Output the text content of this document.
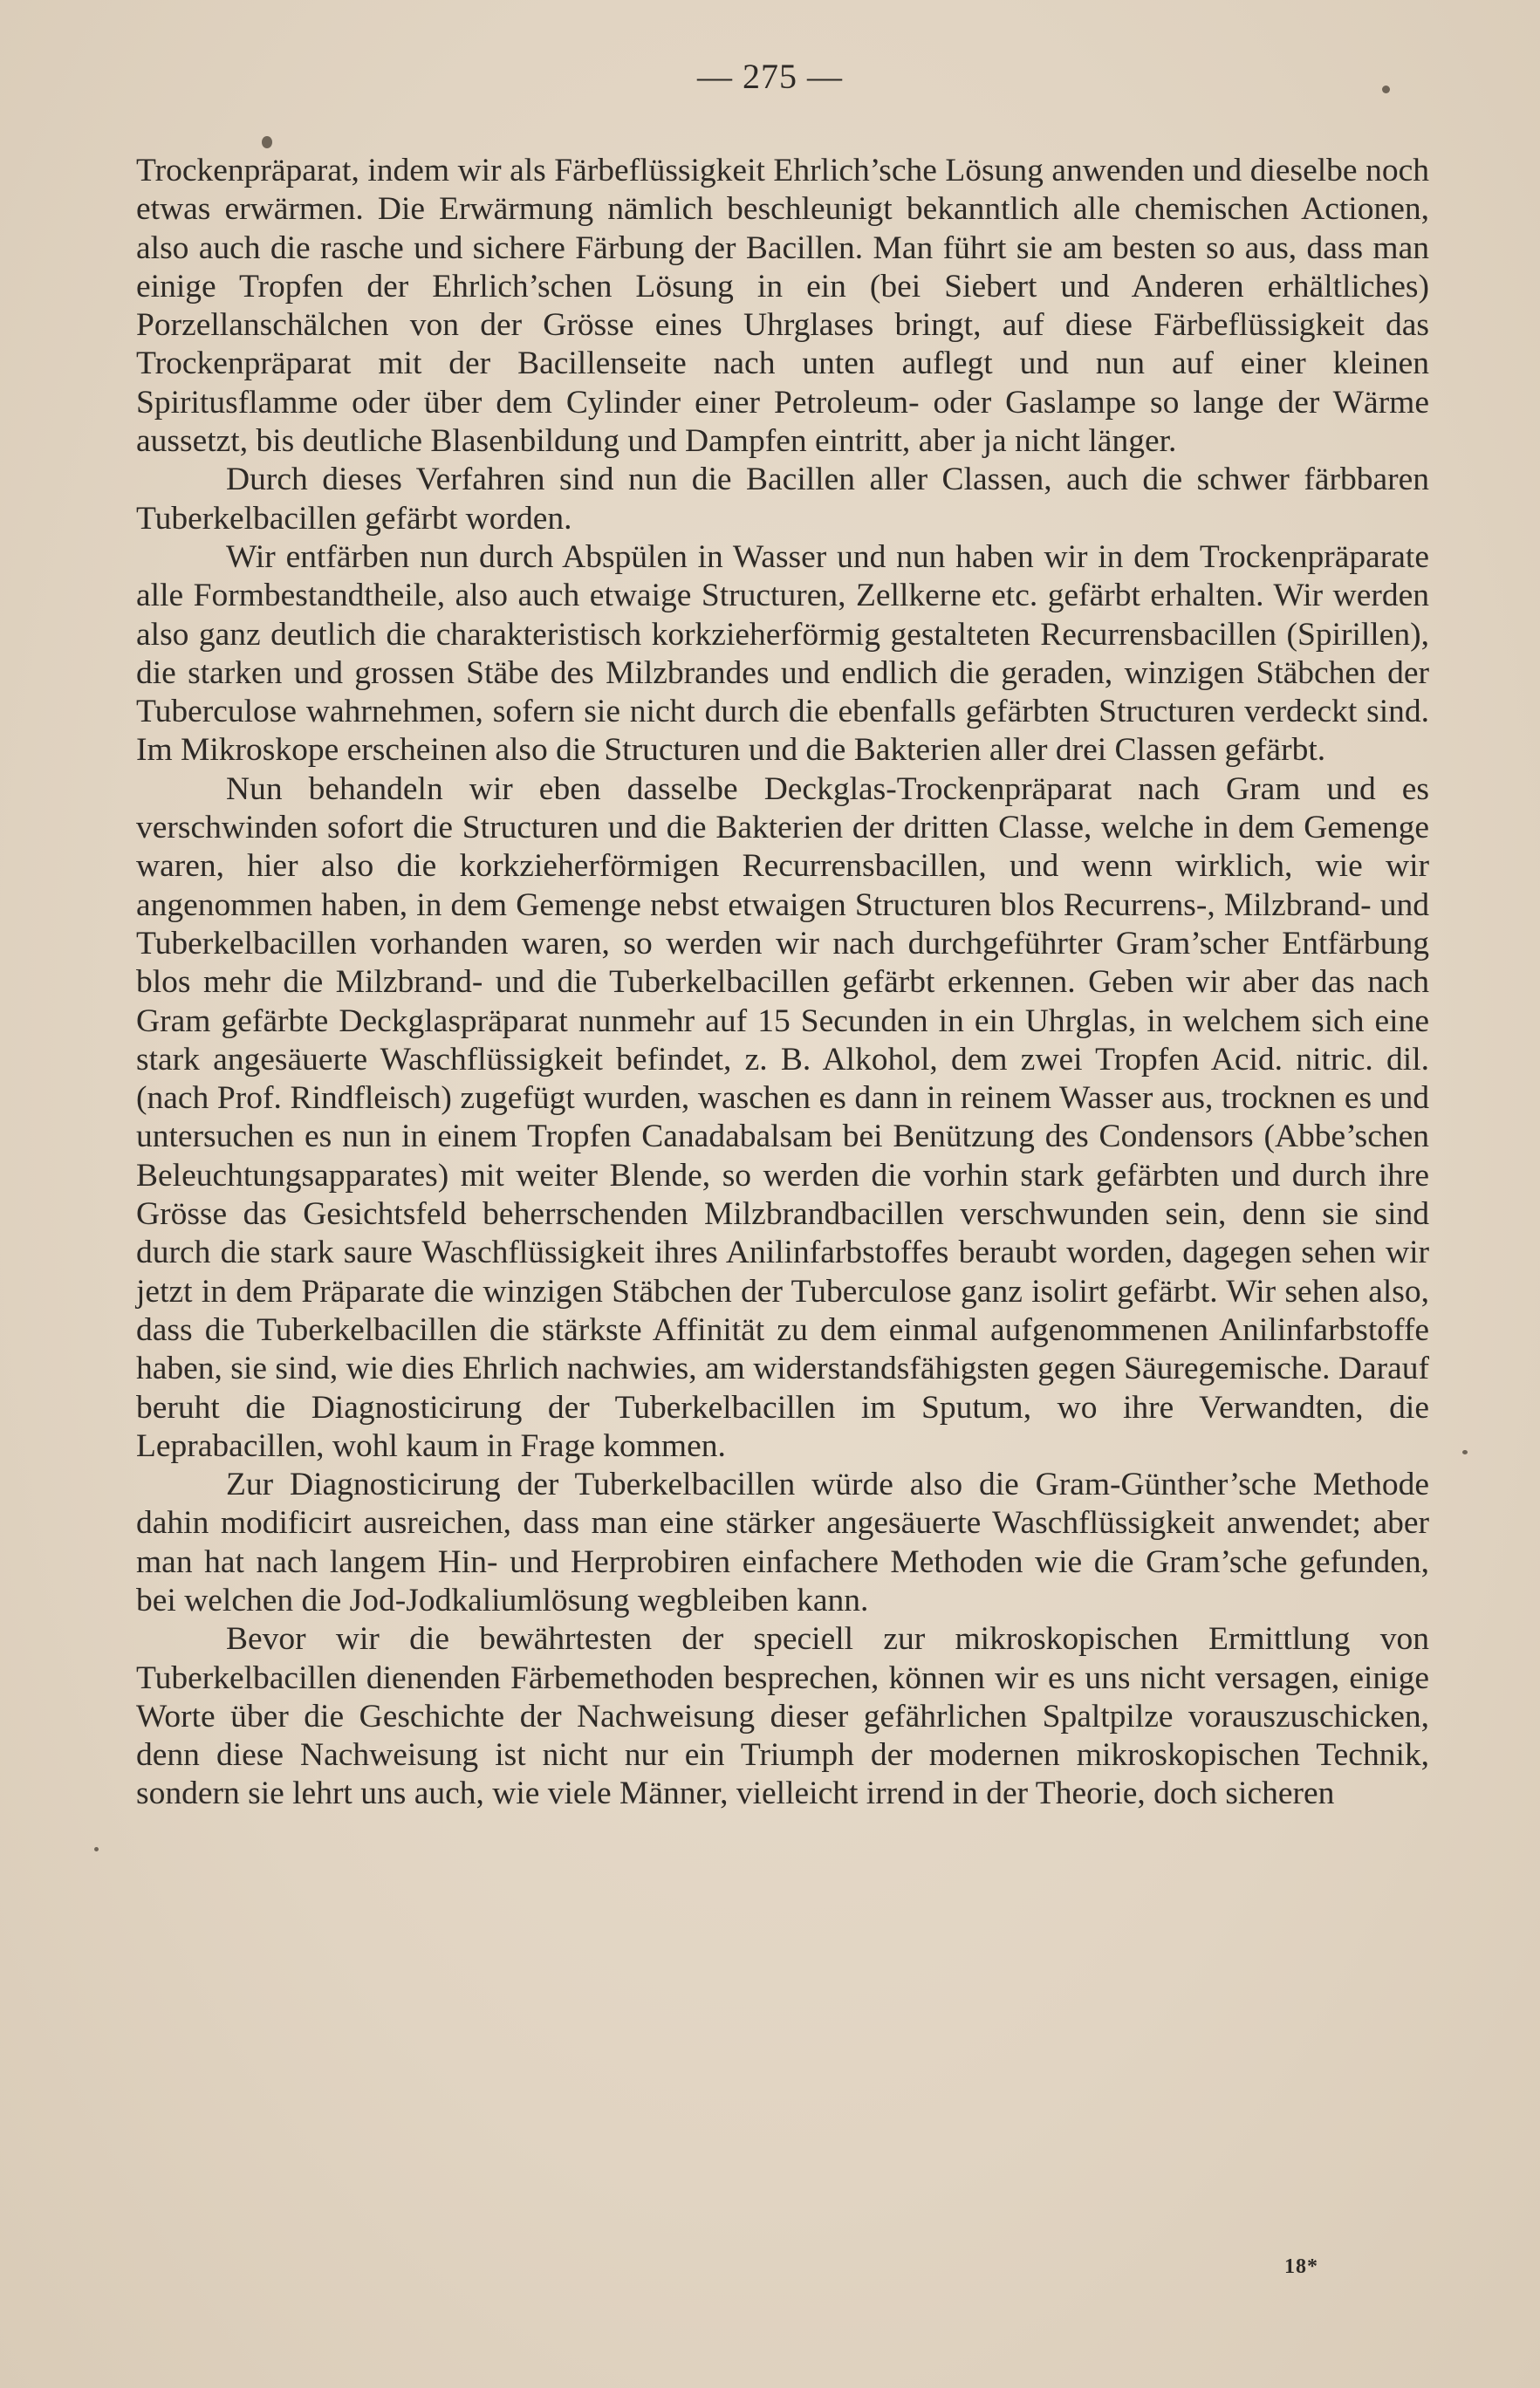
— 275 —

Trockenpräparat, indem wir als Färbeflüssigkeit Ehrlich’sche Lösung anwenden und dieselbe noch etwas erwärmen. Die Erwärmung nämlich beschleunigt bekanntlich alle chemischen Actionen, also auch die rasche und sichere Färbung der Bacillen. Man führt sie am besten so aus, dass man einige Tropfen der Ehrlich’schen Lösung in ein (bei Siebert und Anderen erhältliches) Porzellanschälchen von der Grösse eines Uhrglases bringt, auf diese Färbeflüssigkeit das Trockenpräparat mit der Bacillenseite nach unten auflegt und nun auf einer kleinen Spiritusflamme oder über dem Cylinder einer Petroleum- oder Gaslampe so lange der Wärme aussetzt, bis deutliche Blasenbildung und Dampfen eintritt, aber ja nicht länger.

Durch dieses Verfahren sind nun die Bacillen aller Classen, auch die schwer färbbaren Tuberkelbacillen gefärbt worden.

Wir entfärben nun durch Abspülen in Wasser und nun haben wir in dem Trockenpräparate alle Formbestandtheile, also auch etwaige Structuren, Zellkerne etc. gefärbt erhalten. Wir werden also ganz deutlich die charakteristisch korkzieherförmig gestalteten Recurrensbacillen (Spirillen), die starken und grossen Stäbe des Milzbrandes und endlich die geraden, winzigen Stäbchen der Tuberculose wahrnehmen, sofern sie nicht durch die ebenfalls gefärbten Structuren verdeckt sind. Im Mikroskope erscheinen also die Structuren und die Bakterien aller drei Classen gefärbt.

Nun behandeln wir eben dasselbe Deckglas-Trockenpräparat nach Gram und es verschwinden sofort die Structuren und die Bakterien der dritten Classe, welche in dem Gemenge waren, hier also die korkzieherförmigen Recurrensbacillen, und wenn wirklich, wie wir angenommen haben, in dem Gemenge nebst etwaigen Structuren blos Recurrens-, Milzbrand- und Tuberkelbacillen vorhanden waren, so werden wir nach durchgeführter Gram’scher Entfärbung blos mehr die Milzbrand- und die Tuberkelbacillen gefärbt erkennen. Geben wir aber das nach Gram gefärbte Deckglaspräparat nunmehr auf 15 Secunden in ein Uhrglas, in welchem sich eine stark angesäuerte Waschflüssigkeit befindet, z. B. Alkohol, dem zwei Tropfen Acid. nitric. dil. (nach Prof. Rindfleisch) zugefügt wurden, waschen es dann in reinem Wasser aus, trocknen es und untersuchen es nun in einem Tropfen Canadabalsam bei Benützung des Condensors (Abbe’schen Beleuchtungsapparates) mit weiter Blende, so werden die vorhin stark gefärbten und durch ihre Grösse das Gesichtsfeld beherrschenden Milzbrandbacillen verschwunden sein, denn sie sind durch die stark saure Waschflüssigkeit ihres Anilinfarbstoffes beraubt worden, dagegen sehen wir jetzt in dem Präparate die winzigen Stäbchen der Tuberculose ganz isolirt gefärbt. Wir sehen also, dass die Tuberkelbacillen die stärkste Affinität zu dem einmal aufgenommenen Anilinfarbstoffe haben, sie sind, wie dies Ehrlich nachwies, am widerstandsfähigsten gegen Säuregemische. Darauf beruht die Diagnosticirung der Tuberkelbacillen im Sputum, wo ihre Verwandten, die Leprabacillen, wohl kaum in Frage kommen.

Zur Diagnosticirung der Tuberkelbacillen würde also die Gram-Günther’sche Methode dahin modificirt ausreichen, dass man eine stärker angesäuerte Waschflüssigkeit anwendet; aber man hat nach langem Hin- und Herprobiren einfachere Methoden wie die Gram’sche gefunden, bei welchen die Jod-Jodkaliumlösung wegbleiben kann.

Bevor wir die bewährtesten der speciell zur mikroskopischen Ermittlung von Tuberkelbacillen dienenden Färbemethoden besprechen, können wir es uns nicht versagen, einige Worte über die Geschichte der Nachweisung dieser gefährlichen Spaltpilze vorauszuschicken, denn diese Nachweisung ist nicht nur ein Triumph der modernen mikroskopischen Technik, sondern sie lehrt uns auch, wie viele Männer, vielleicht irrend in der Theorie, doch sicheren

18*
